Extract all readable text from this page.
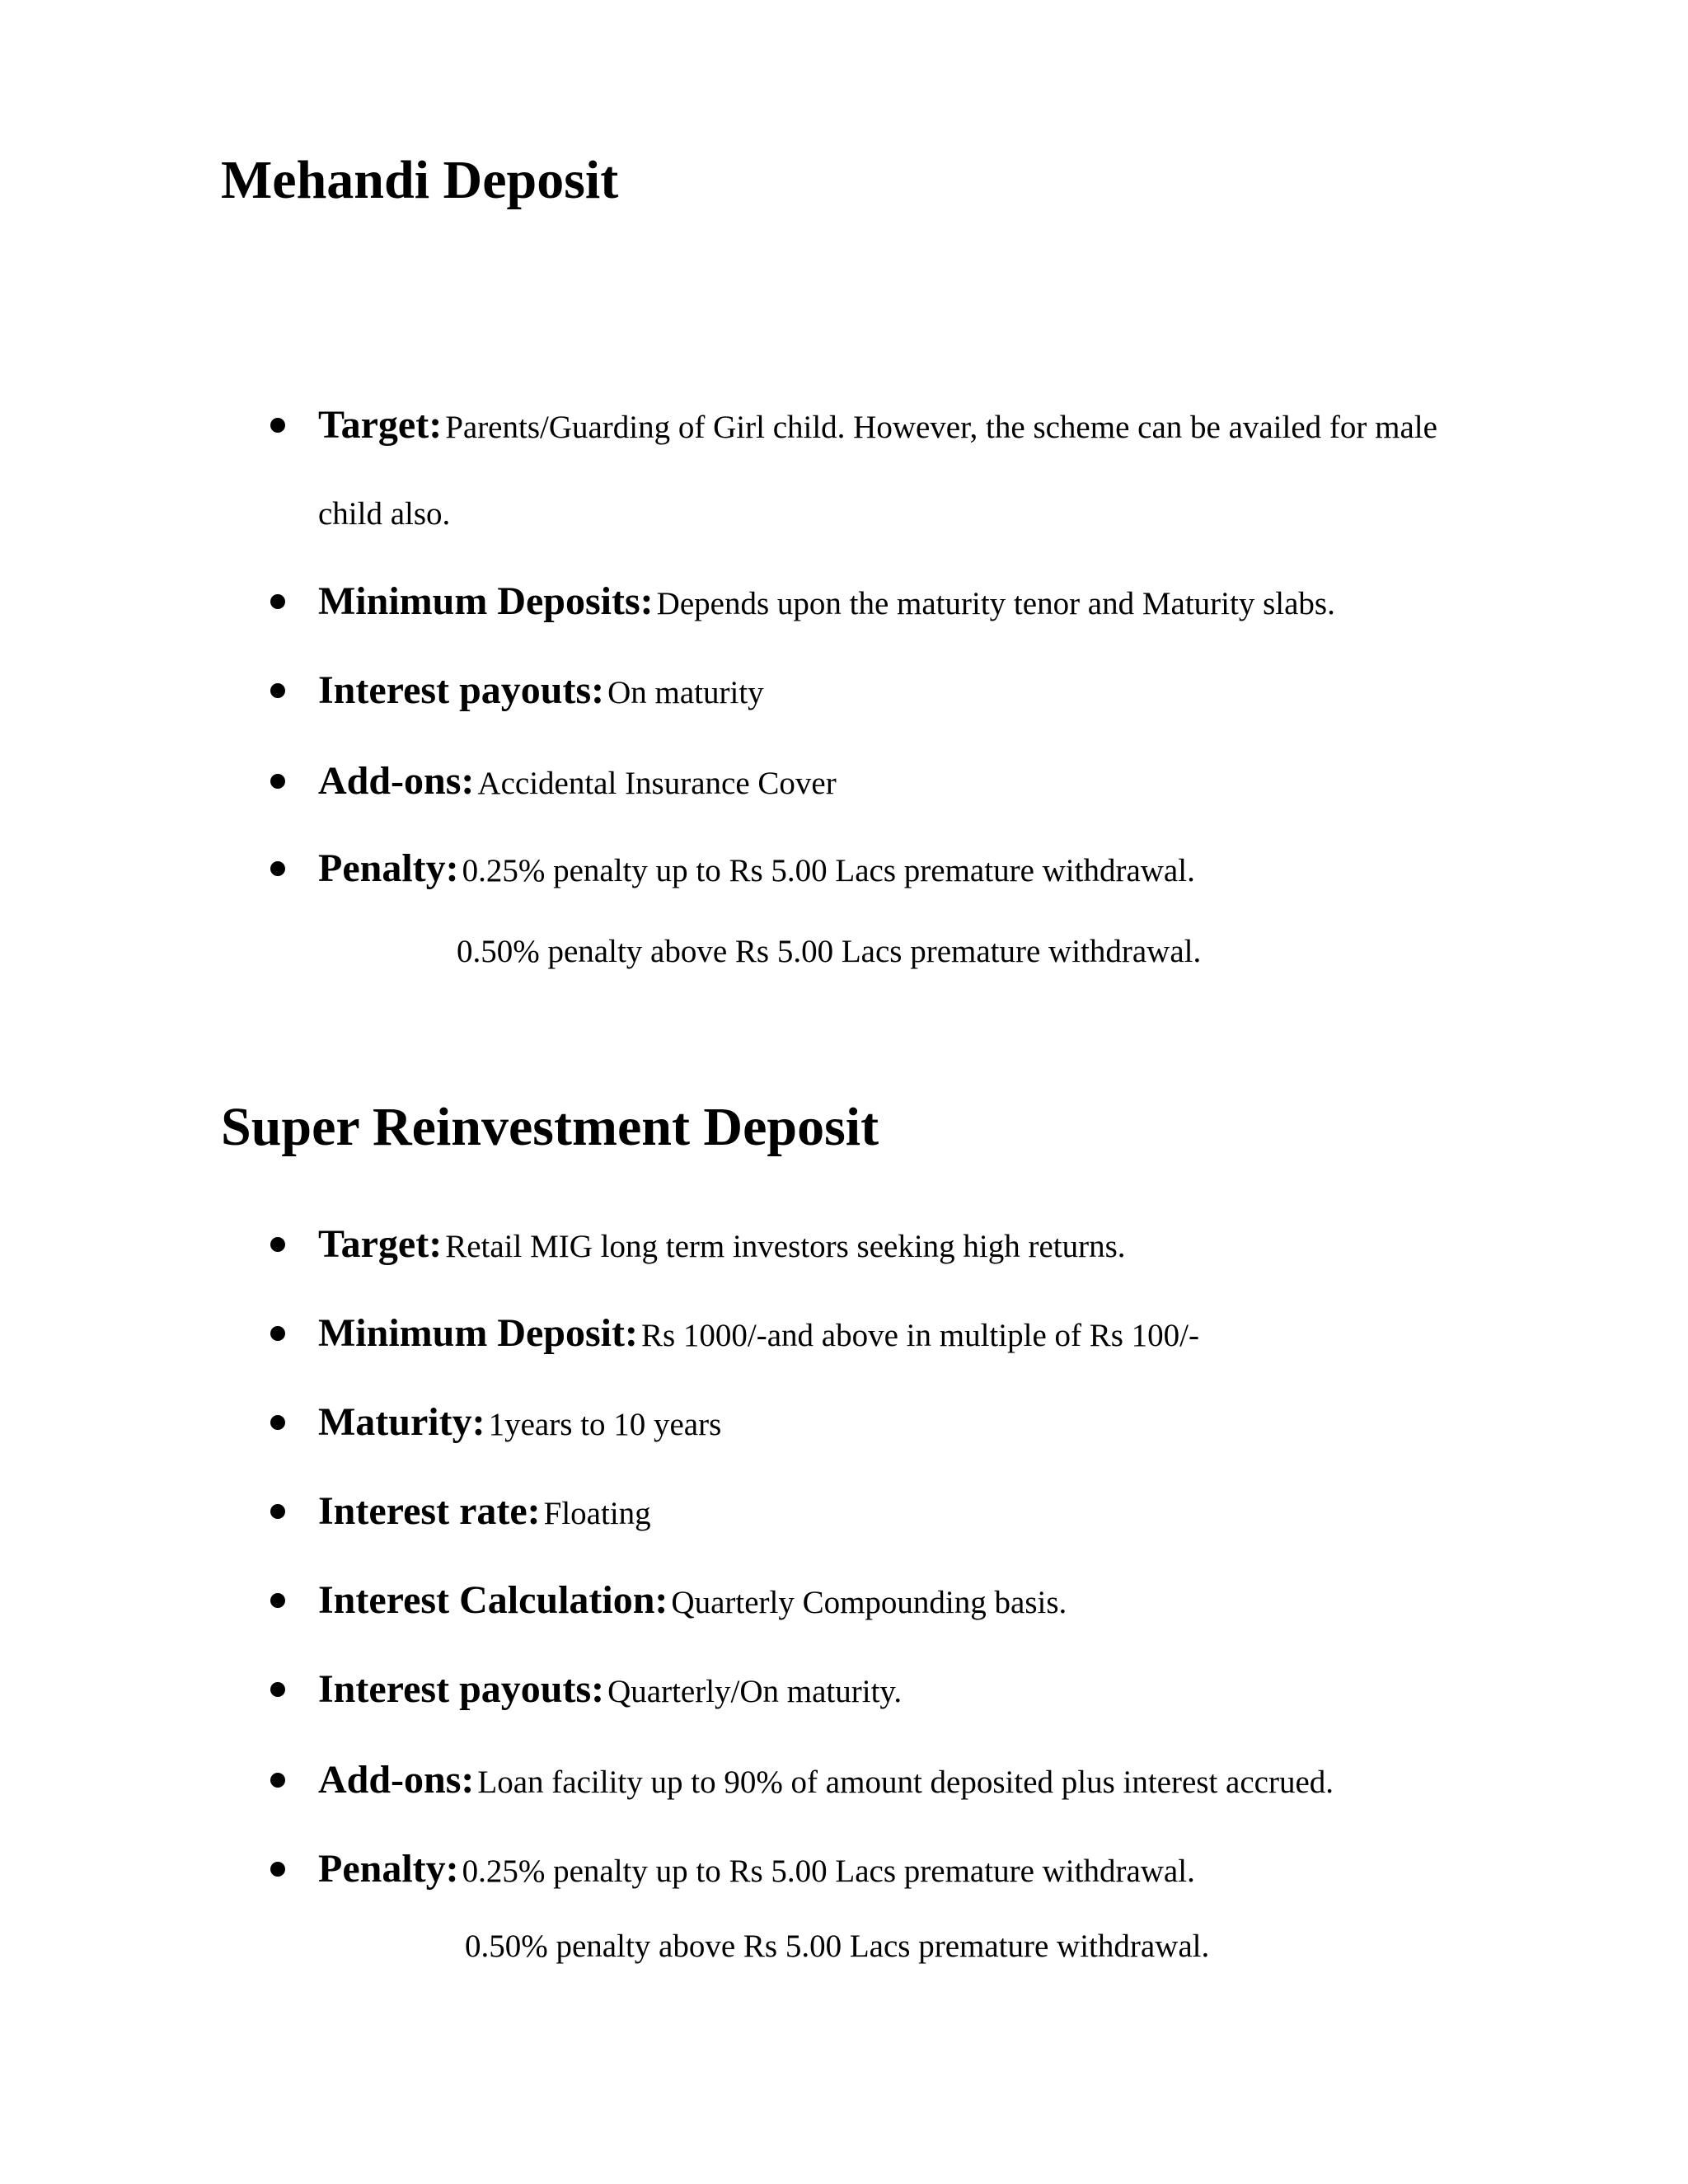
Mehandi Deposit
Target: Parents/Guarding of Girl child. However, the scheme can be availed for male
child also.
Minimum Deposits: Depends upon the maturity tenor and Maturity slabs.
Interest payouts: On maturity
Add-ons: Accidental Insurance Cover
Penalty: 0.25% penalty up to Rs 5.00 Lacs premature withdrawal.
0.50% penalty above Rs 5.00 Lacs premature withdrawal.
Super Reinvestment Deposit
Target: Retail MIG long term investors seeking high returns.
Minimum Deposit: Rs 1000/-and above in multiple of Rs 100/-
Maturity: 1years to 10 years
Interest rate: Floating
Interest Calculation: Quarterly Compounding basis.
Interest payouts: Quarterly/On maturity.
Add-ons: Loan facility up to 90% of amount deposited plus interest accrued.
Penalty: 0.25% penalty up to Rs 5.00 Lacs premature withdrawal.
0.50% penalty above Rs 5.00 Lacs premature withdrawal.
